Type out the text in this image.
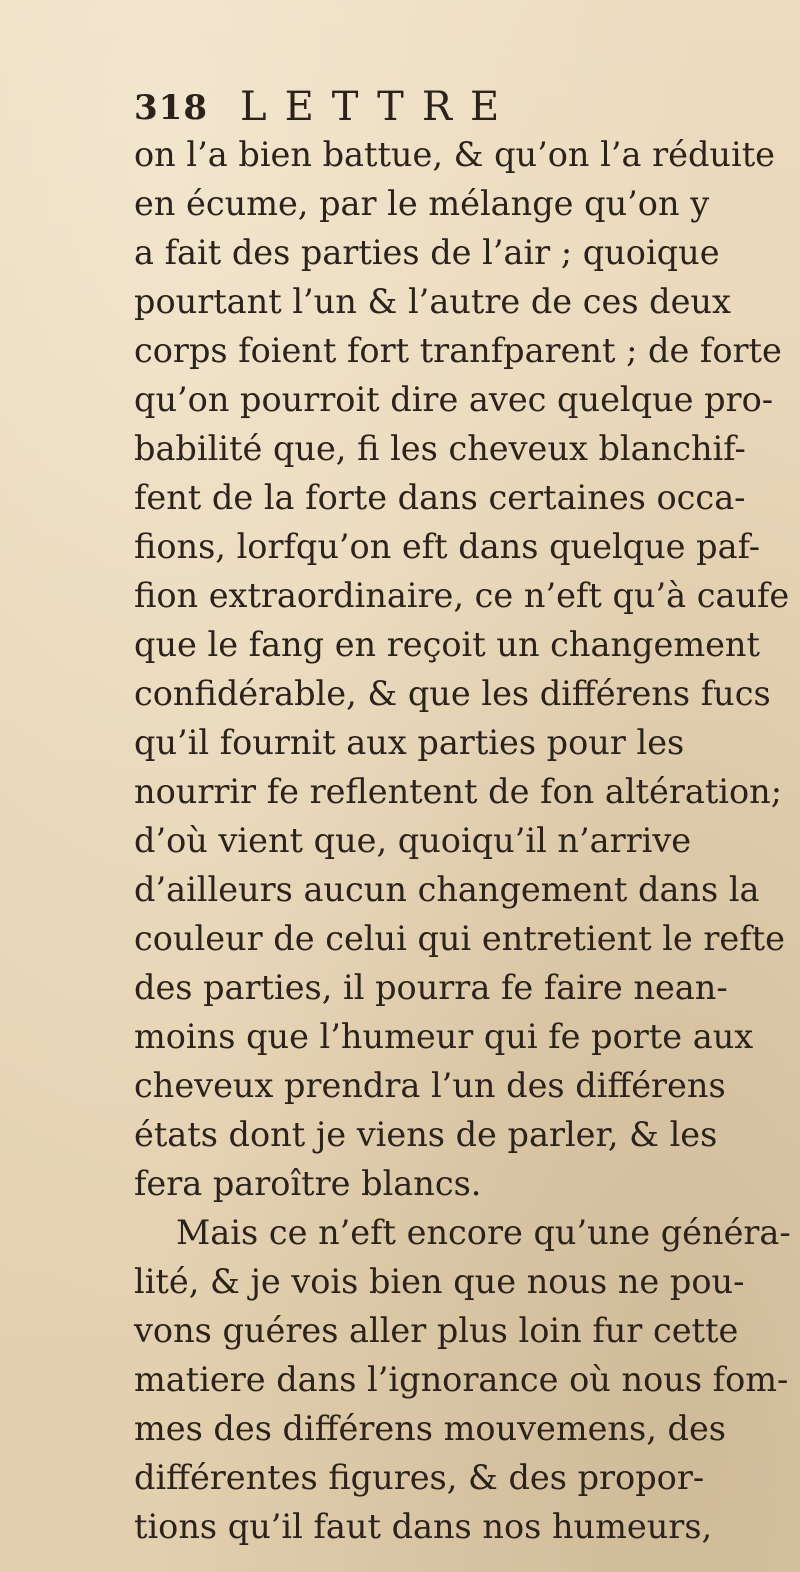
318 LETTRE
on l’a bien battue, & qu’on l’a réduite
en écume, par le mélange qu’on y
a fait des parties de l’air ; quoique
pourtant l’un & l’autre de ces deux
corps foient fort tranfparent ; de forte
qu’on pourroit dire avec quelque pro-
babilité que, fi les cheveux blanchif-
fent de la forte dans certaines occa-
fions, lorfqu’on eft dans quelque paf-
fion extraordinaire, ce n’eft qu’à caufe
que le fang en reçoit un changement
confidérable, & que les différens fucs
qu’il fournit aux parties pour les
nourrir fe reflentent de fon altération;
d’où vient que, quoiqu’il n’arrive
d’ailleurs aucun changement dans la
couleur de celui qui entretient le refte
des parties, il pourra fe faire nean-
moins que l’humeur qui fe porte aux
cheveux prendra l’un des différens
états dont je viens de parler, & les
fera paroître blancs.
Mais ce n’eft encore qu’une généra-
lité, & je vois bien que nous ne pou-
vons guéres aller plus loin fur cette
matiere dans l’ignorance où nous fom-
mes des différens mouvemens, des
différentes figures, & des propor-
tions qu’il faut dans nos humeurs,
